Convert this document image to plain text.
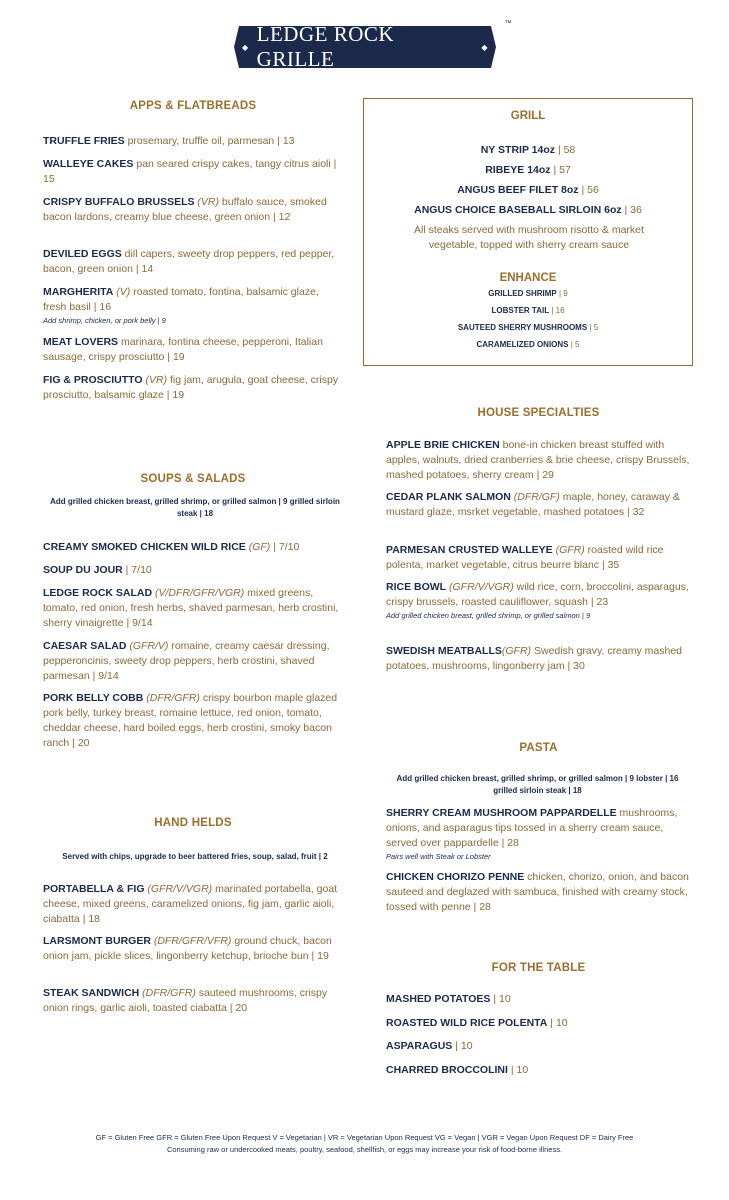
◆
LEDGE ROCK GRILLE	◆
™
APPS & FLATBREADS
TRUFFLE FRIES prosemary, truffle oil, parmesan | 13
WALLEYE CAKES pan seared crispy cakes, tangy citrus aioli | 15
CRISPY BUFFALO BRUSSELS (VR) buffalo sauce, smoked bacon lardons, creamy blue cheese, green onion | 12
DEVILED EGGS dill capers, sweety drop peppers, red pepper, bacon, green onion | 14
MARGHERITA (V) roasted tomato, fontina, balsamic glaze, fresh basil | 16
Add shrimp, chicken, or pork belly | 9
MEAT LOVERS marinara, fontina cheese, pepperoni, Italian sausage, crispy prosciutto | 19
FIG & PROSCIUTTO (VR) fig jam, arugula, goat cheese, crispy prosciutto, balsamic glaze | 19
SOUPS & SALADS
Add grilled chicken breast, grilled shrimp, or grilled salmon | 9 grilled sirloin steak | 18
CREAMY SMOKED CHICKEN WILD RICE (GF) | 7/10
SOUP DU JOUR | 7/10
LEDGE ROCK SALAD (V/DFR/GFR/VGR) mixed greens, tomato, red onion, fresh herbs, shaved parmesan, herb crostini, sherry vinaigrette | 9/14
CAESAR SALAD (GFR/V) romaine, creamy caesar dressing, pepperoncinis, sweety drop peppers, herb crostini, shaved parmesan | 9/14
PORK BELLY COBB (DFR/GFR) crispy bourbon maple glazed pork belly, turkey breast, romaine lettuce, red onion, tomato, cheddar cheese, hard boiled eggs, herb crostini, smoky bacon ranch | 20
HAND HELDS
Served with chips, upgrade to beer battered fries, soup, salad, fruit | 2
PORTABELLA & FIG (GFR/V/VGR) marinated portabella, goat cheese, mixed greens, caramelized onions, fig jam, garlic aioli, ciabatta | 18
LARSMONT BURGER (DFR/GFR/VFR) ground chuck, bacon onion jam, pickle slices, lingonberry ketchup, brioche bun | 19
STEAK SANDWICH (DFR/GFR) sauteed mushrooms, crispy onion rings, garlic aioli, toasted ciabatta | 20
GRILL
NY STRIP 14oz | 58
RIBEYE 14oz | 57
ANGUS BEEF FILET 8oz | 56
ANGUS CHOICE BASEBALL SIRLOIN 6oz | 36
All steaks served with mushroom risotto & market vegetable, topped with sherry cream sauce
ENHANCE
GRILLED SHRIMP | 9
LOBSTER TAIL | 16
SAUTEED SHERRY MUSHROOMS | 5
CARAMELIZED ONIONS | 5
HOUSE SPECIALTIES
APPLE BRIE CHICKEN bone-in chicken breast stuffed with apples, walnuts, dried cranberries & brie cheese, crispy Brussels, mashed potatoes, sherry cream | 29
CEDAR PLANK SALMON (DFR/GF) maple, honey, caraway & mustard glaze, msrket vegetable, mashed potatoes | 32
PARMESAN CRUSTED WALLEYE (GFR) roasted wild rice polenta, market vegetable, citrus beurre blanc | 35
RICE BOWL (GFR/V/VGR) wild rice, corn, broccolini, asparagus, crispy brussels, roasted cauliflower, squash | 23
Add grilled chicken breast, grilled shrimp, or grilled salmon | 9
SWEDISH MEATBALLS(GFR) Swedish gravy, creamy mashed potatoes, mushrooms, lingonberry jam | 30
PASTA
Add grilled chicken breast, grilled shrimp, or grilled salmon | 9 lobster | 16 grilled sirloin steak | 18
SHERRY CREAM MUSHROOM PAPPARDELLE mushrooms, onions, and asparagus tips tossed in a sherry cream sauce, served over pappardelle | 28
Pairs well with Steak or Lobster
CHICKEN CHORIZO PENNE chicken, chorizo, onion, and bacon sauteed and deglazed with sambuca, finished with creamy stock, tossed with penne | 28
FOR THE TABLE
MASHED POTATOES | 10
ROASTED WILD RICE POLENTA | 10
ASPARAGUS | 10
CHARRED BROCCOLINI | 10
GF = Gluten Free GFR = Gluten Free Upon Request V = Vegetarian | VR = Vegetarian Upon Request VG = Vegan | VGR = Vegan Upon Request DF = Dairy Free
Consuming raw or undercooked meats, poultry, seafood, shellfish, or eggs may increase your risk of food-borne illness.
